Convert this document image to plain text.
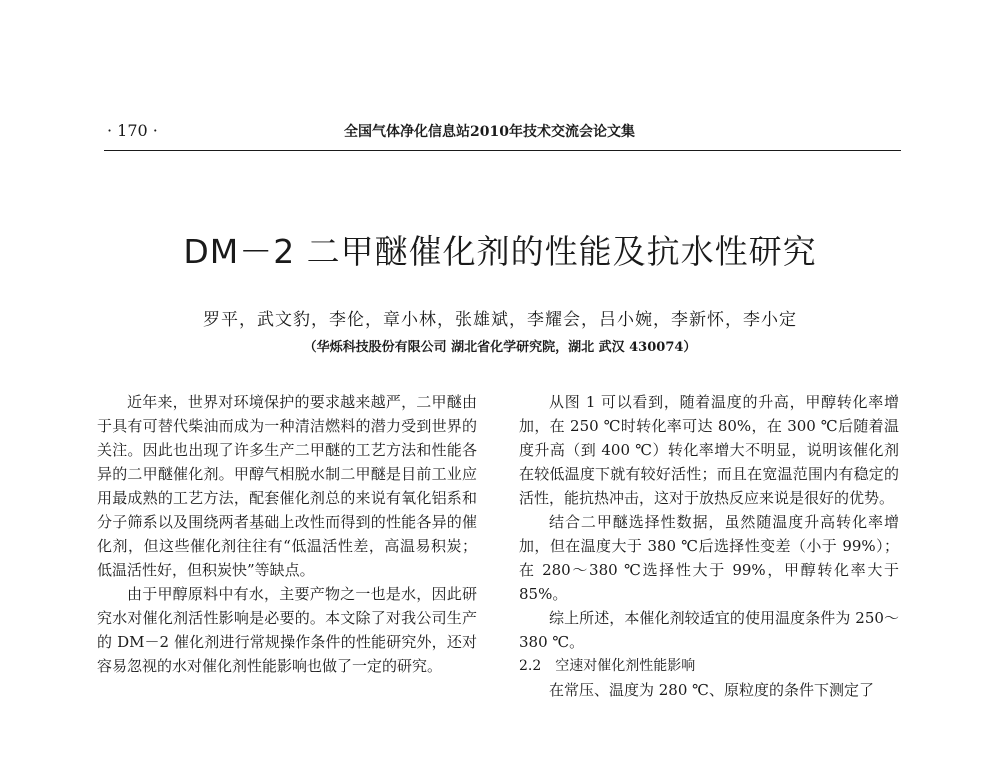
· 170 ·	全国气体净化信息站2010年技术交流会论文集
DM－2 二甲醚催化剂的性能及抗水性研究
罗平，武文豹，李伦，章小林，张雄斌，李耀会，吕小婉，李新怀，李小定
（华烁科技股份有限公司 湖北省化学研究院，湖北 武汉 430074）

近年来，世界对环境保护的要求越来越严，二甲醚由于具有可替代柴油而成为一种清洁燃料的潜力受到世界的关注。因此也出现了许多生产二甲醚的工艺方法和性能各异的二甲醚催化剂。甲醇气相脱水制二甲醚是目前工业应用最成熟的工艺方法，配套催化剂总的来说有氧化铝系和分子筛系以及围绕两者基础上改性而得到的性能各异的催化剂，但这些催化剂往往有“低温活性差，高温易积炭；低温活性好，但积炭快”等缺点。

由于甲醇原料中有水，主要产物之一也是水，因此研究水对催化剂活性影响是必要的。本文除了对我公司生产的 DM－2 催化剂进行常规操作条件的性能研究外，还对容易忽视的水对催化剂性能影响也做了一定的研究。

从图 1 可以看到，随着温度的升高，甲醇转化率增加，在 250 ℃时转化率可达 80%，在 300 ℃后随着温度升高（到 400 ℃）转化率增大不明显，说明该催化剂在较低温度下就有较好活性；而且在宽温范围内有稳定的活性，能抗热冲击，这对于放热反应来说是很好的优势。

结合二甲醚选择性数据，虽然随温度升高转化率增加，但在温度大于 380 ℃后选择性变差（小于 99%）；在 280～380 ℃选择性大于 99%，甲醇转化率大于 85%。

综上所述，本催化剂较适宜的使用温度条件为 250～380 ℃。

2.2　空速对催化剂性能影响

在常压、温度为 280 ℃、原粒度的条件下测定了
